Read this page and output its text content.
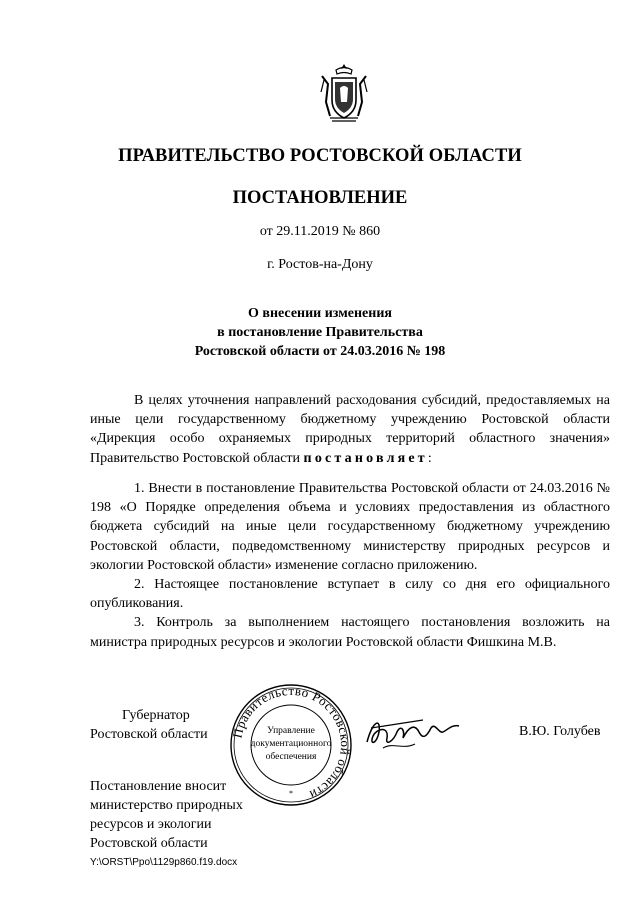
ПРАВИТЕЛЬСТВО РОСТОВСКОЙ ОБЛАСТИ
ПОСТАНОВЛЕНИЕ
от 29.11.2019 № 860
г. Ростов-на-Дону
О внесении изменения
в постановление Правительства
Ростовской области от 24.03.2016 № 198

В целях уточнения направлений расходования субсидий, предоставляемых на иные цели государственному бюджетному учреждению Ростовской области «Дирекция особо охраняемых природных территорий областного значения» Правительство Ростовской области постановляет:

1. Внести в постановление Правительства Ростовской области от 24.03.2016 № 198 «О Порядке определения объема и условиях предоставления из областного бюджета субсидий на иные цели государственному бюджетному учреждению Ростовской области, подведомственному министерству природных ресурсов и экологии Ростовской области» изменение согласно приложению.

2. Настоящее постановление вступает в силу со дня его официального опубликования.

3. Контроль за выполнением настоящего постановления возложить на министра природных ресурсов и экологии Ростовской области Фишкина М.В.

Губернатор
Ростовской области Правительство Ростовской области
Управление
документационного
обеспечения
*
В.Ю. Голубев
Постановление вносит
министерство природных
ресурсов и экологии
Ростовской области
Y:\ORST\Ppo\1129p860.f19.docx
